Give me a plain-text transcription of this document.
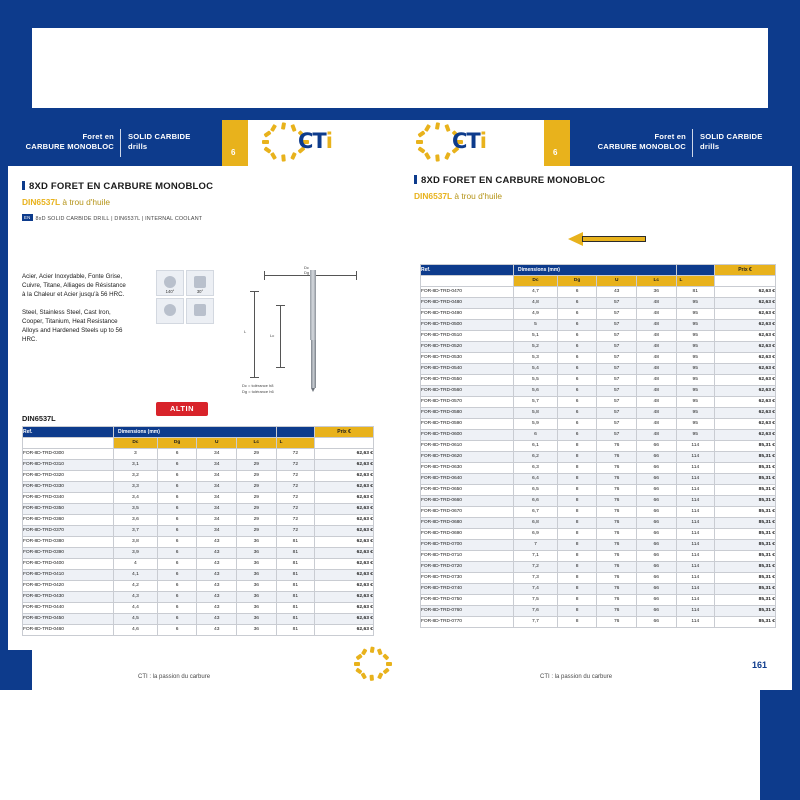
Foret en
CARBURE MONOBLOC
SOLID CARBIDE
drills
6	CTi
8XD FORET EN CARBURE MONOBLOC
DIN6537L à trou d'huile
EN 8xD SOLID CARBIDE DRILL | DIN6537L | INTERNAL COOLANT

Acier, Acier Inoxydable, Fonte Grise, Cuivre, Titane, Alliages de Résistance à la Chaleur et Acier jusqu'à 56 HRC.

Steel, Stainless Steel, Cast Iron, Cooper, Titanium, Heat Resistance Alloys and Hardened Steels up to 56 HRC.

140°	30°
ALTIN
Dc
Dg
L
Lc
Dc = tolérance h8
Dg = tolérance h6
DIN6537L
Ref.	Dimensions (mm)					Prix €
	Dc	Dg	U	Lc	L	
FOR-8D-TRD-0300	3	6	34	29	72	62,63 €
FOR-8D-TRD-0310	3,1	6	34	29	72	62,63 €
FOR-8D-TRD-0320	3,2	6	34	29	72	62,63 €
FOR-8D-TRD-0330	3,3	6	34	29	72	62,63 €
FOR-8D-TRD-0340	3,4	6	34	29	72	62,63 €
FOR-8D-TRD-0350	3,5	6	34	29	72	62,63 €
FOR-8D-TRD-0360	3,6	6	34	29	72	62,63 €
FOR-8D-TRD-0370	3,7	6	34	29	72	62,63 €
FOR-8D-TRD-0380	3,8	6	43	36	81	62,63 €
FOR-8D-TRD-0390	3,9	6	43	36	81	62,63 €
FOR-8D-TRD-0400	4	6	43	36	81	62,63 €
FOR-8D-TRD-0410	4,1	6	43	36	81	62,63 €
FOR-8D-TRD-0420	4,2	6	43	36	81	62,63 €
FOR-8D-TRD-0430	4,3	6	43	36	81	62,63 €
FOR-8D-TRD-0440	4,4	6	43	36	81	62,63 €
FOR-8D-TRD-0450	4,5	6	43	36	81	62,63 €
FOR-8D-TRD-0460	4,6	6	43	36	81	62,63 €
CTI : la passion du carbure
CTi	6
Foret en
CARBURE MONOBLOC
SOLID CARBIDE
drills
8XD FORET EN CARBURE MONOBLOC
DIN6537L à trou d'huile
Ref.	Dimensions (mm)					Prix €
	Dc	Dg	U	Lc	L	
FOR-8D-TRD-0470	4,7	6	43	36	81	62,63 €
FOR-8D-TRD-0480	4,8	6	57	48	95	62,63 €
FOR-8D-TRD-0490	4,9	6	57	48	95	62,63 €
FOR-8D-TRD-0500	5	6	57	48	95	62,63 €
FOR-8D-TRD-0510	5,1	6	57	48	95	62,63 €
FOR-8D-TRD-0520	5,2	6	57	48	95	62,63 €
FOR-8D-TRD-0530	5,3	6	57	48	95	62,63 €
FOR-8D-TRD-0540	5,4	6	57	48	95	62,63 €
FOR-8D-TRD-0550	5,5	6	57	48	95	62,63 €
FOR-8D-TRD-0560	5,6	6	57	48	95	62,63 €
FOR-8D-TRD-0570	5,7	6	57	48	95	62,63 €
FOR-8D-TRD-0580	5,8	6	57	48	95	62,63 €
FOR-8D-TRD-0590	5,9	6	57	48	95	62,63 €
FOR-8D-TRD-0600	6	6	57	48	95	62,63 €
FOR-8D-TRD-0610	6,1	8	76	66	114	85,31 €
FOR-8D-TRD-0620	6,2	8	76	66	114	85,31 €
FOR-8D-TRD-0630	6,3	8	76	66	114	85,31 €
FOR-8D-TRD-0640	6,4	8	76	66	114	85,31 €
FOR-8D-TRD-0650	6,5	8	76	66	114	85,31 €
FOR-8D-TRD-0660	6,6	8	76	66	114	85,31 €
FOR-8D-TRD-0670	6,7	8	76	66	114	85,31 €
FOR-8D-TRD-0680	6,8	8	76	66	114	85,31 €
FOR-8D-TRD-0690	6,9	8	76	66	114	85,31 €
FOR-8D-TRD-0700	7	8	76	66	114	85,31 €
FOR-8D-TRD-0710	7,1	8	76	66	114	85,31 €
FOR-8D-TRD-0720	7,2	8	76	66	114	85,31 €
FOR-8D-TRD-0730	7,3	8	76	66	114	85,31 €
FOR-8D-TRD-0740	7,4	8	76	66	114	85,31 €
FOR-8D-TRD-0750	7,5	8	76	66	114	85,31 €
FOR-8D-TRD-0760	7,6	8	76	66	114	85,31 €
FOR-8D-TRD-0770	7,7	8	76	66	114	85,31 €
CTI : la passion du carbure
161
